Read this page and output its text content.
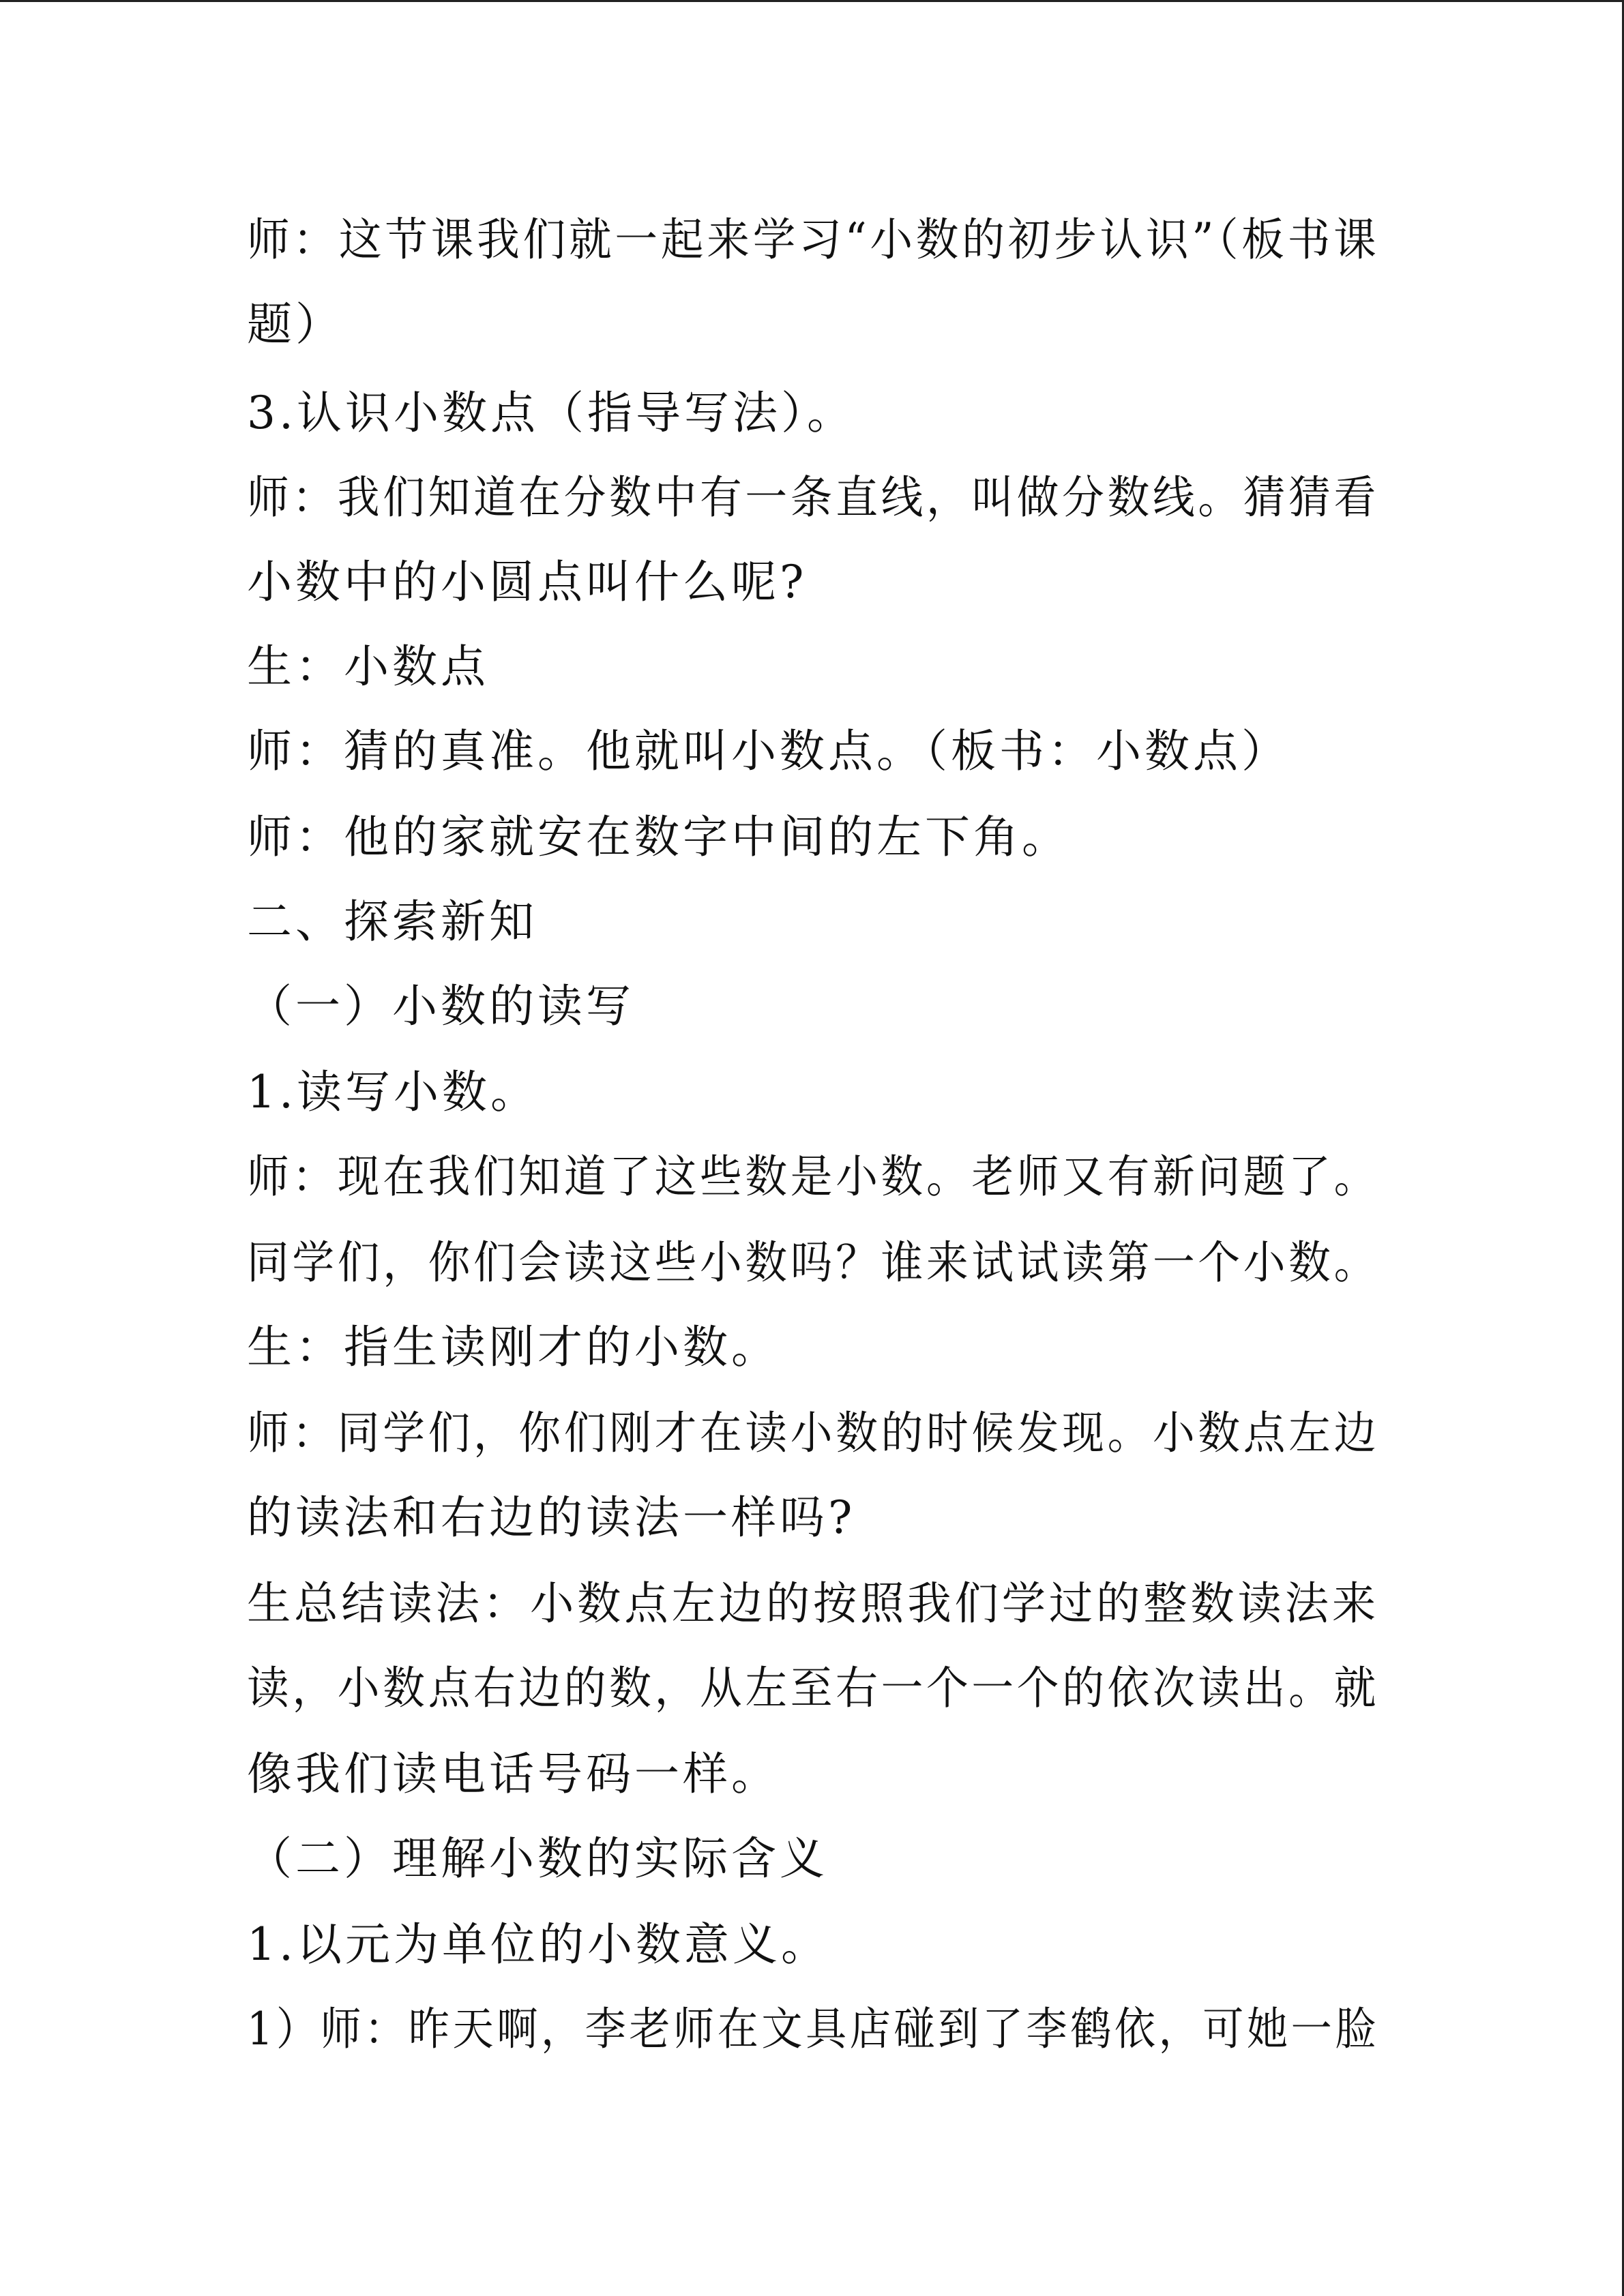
师：这节课我们就一起来学习“小数的初步认识”（板书课
题）
3.认识小数点（指导写法）。
师：我们知道在分数中有一条直线，叫做分数线。猜猜看
小数中的小圆点叫什么呢?
生：小数点
师：猜的真准。他就叫小数点。（板书：小数点）
师：他的家就安在数字中间的左下角。
二、探索新知
（一）小数的读写
1.读写小数。
师：现在我们知道了这些数是小数。老师又有新问题了。
同学们，你们会读这些小数吗？谁来试试读第一个小数。
生：指生读刚才的小数。
师：同学们，你们刚才在读小数的时候发现。小数点左边
的读法和右边的读法一样吗?
生总结读法：小数点左边的按照我们学过的整数读法来
读，小数点右边的数，从左至右一个一个的依次读出。就
像我们读电话号码一样。
（二）理解小数的实际含义
1.以元为单位的小数意义。
1）师：昨天啊，李老师在文具店碰到了李鹤依，可她一脸
